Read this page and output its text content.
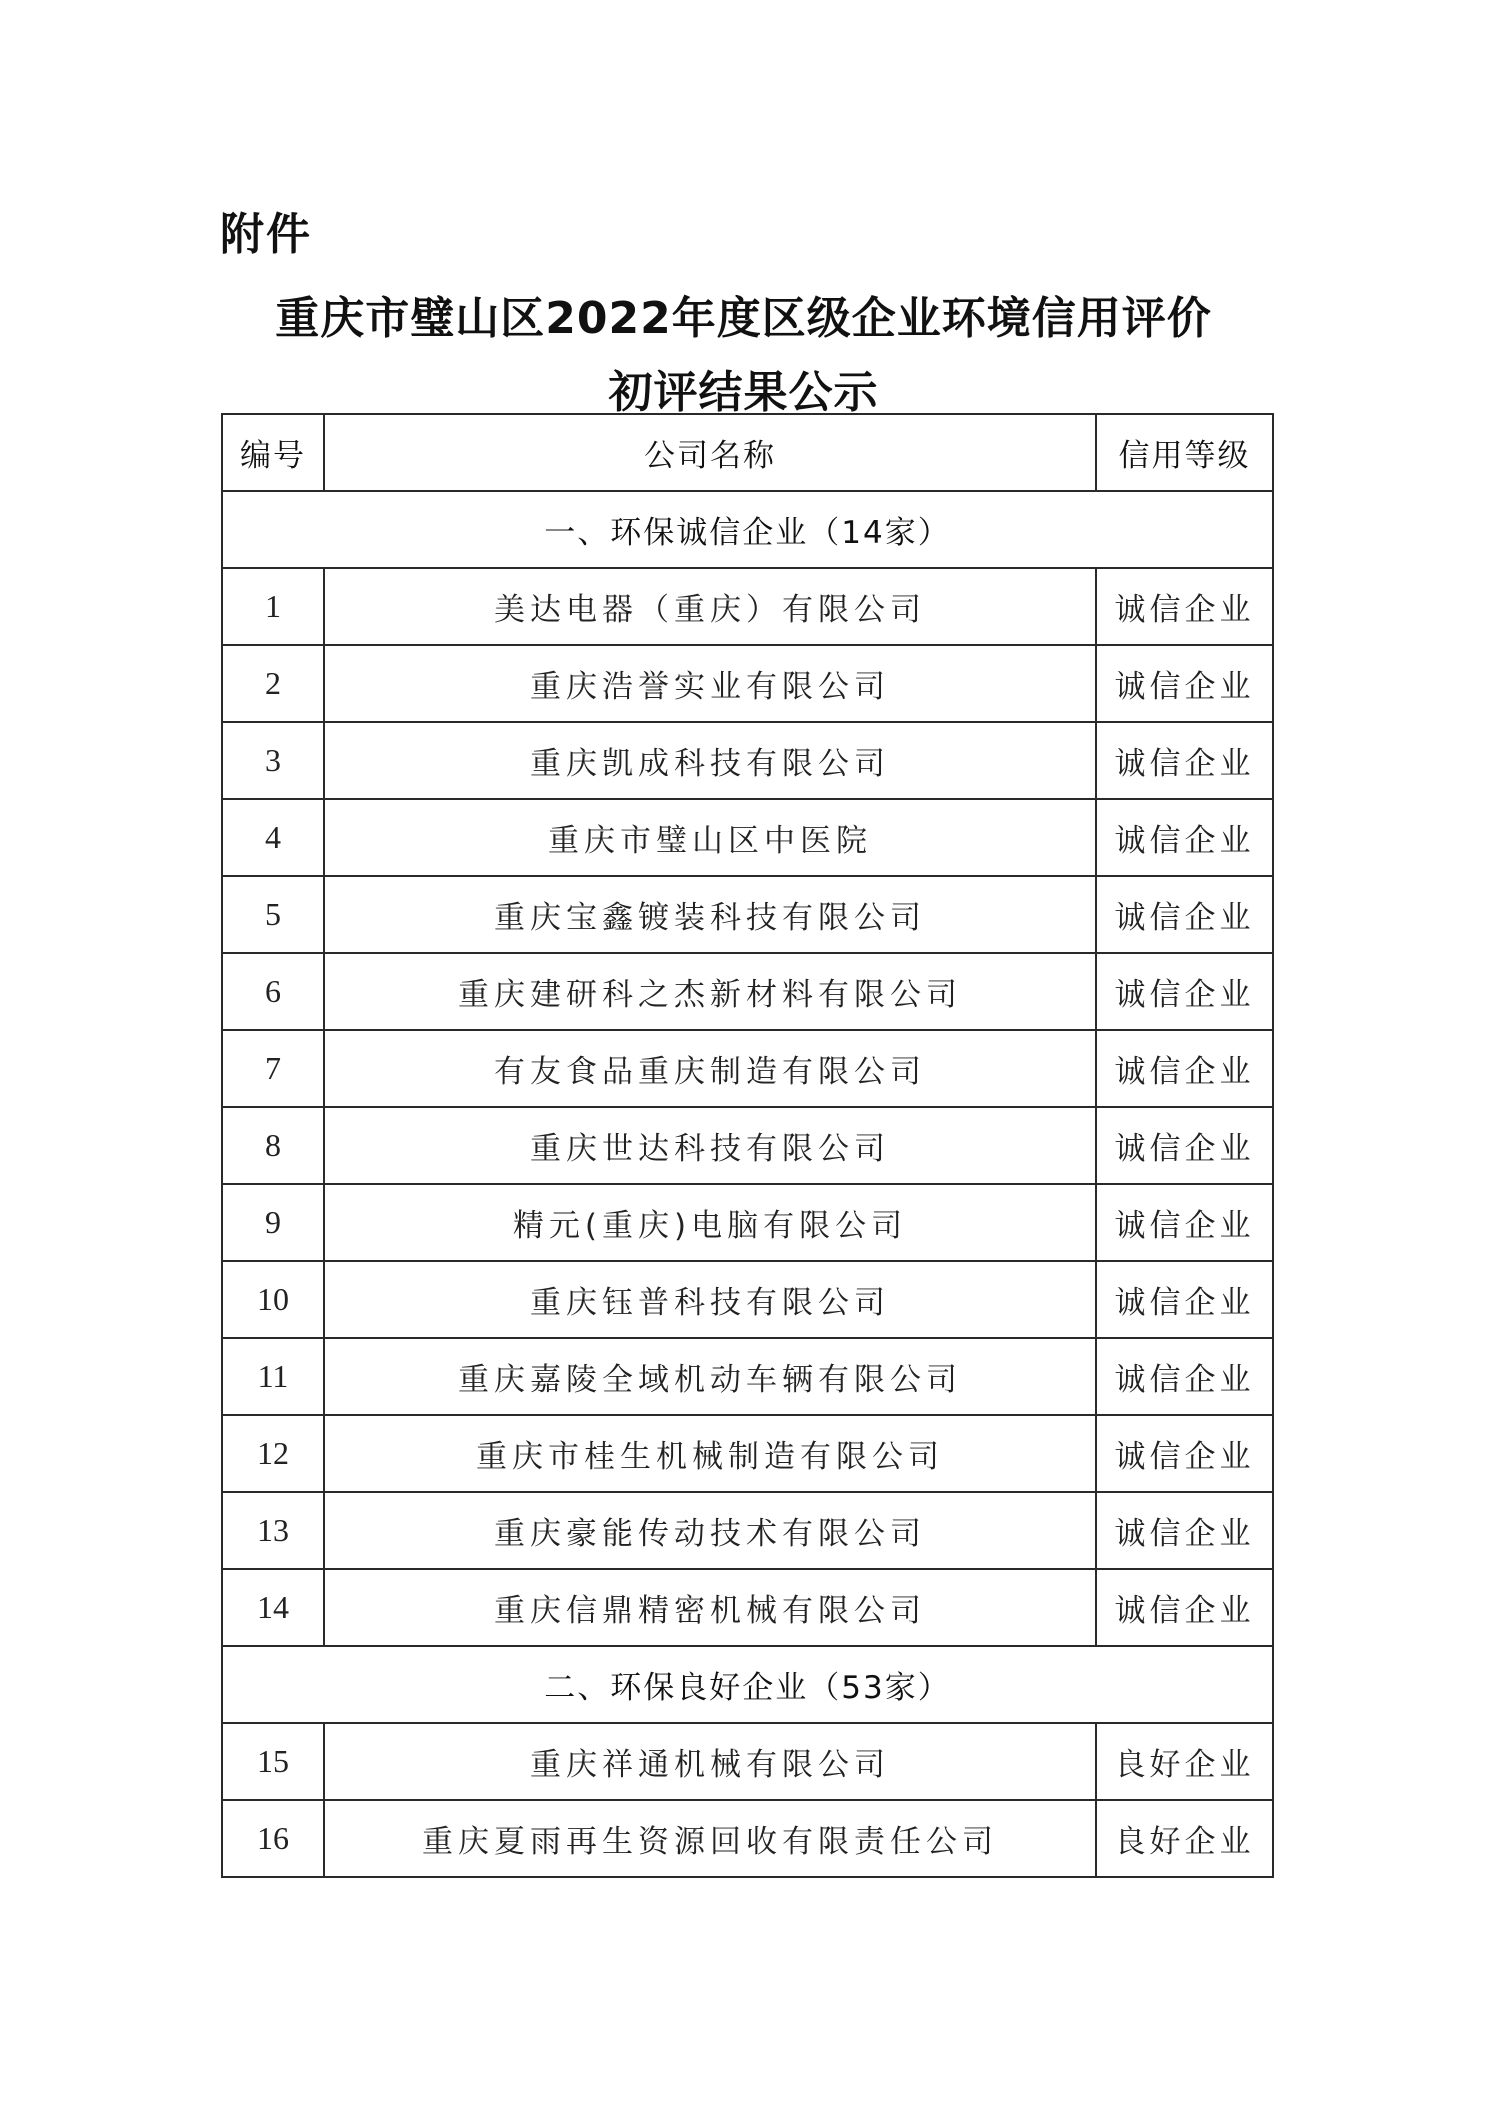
附件
重庆市璧山区2022年度区级企业环境信用评价
初评结果公示
编号	公司名称	信用等级
一、环保诚信企业（14家）		
1	美达电器（重庆）有限公司	诚信企业
2	重庆浩誉实业有限公司	诚信企业
3	重庆凯成科技有限公司	诚信企业
4	重庆市璧山区中医院	诚信企业
5	重庆宝鑫镀装科技有限公司	诚信企业
6	重庆建研科之杰新材料有限公司	诚信企业
7	有友食品重庆制造有限公司	诚信企业
8	重庆世达科技有限公司	诚信企业
9	精元(重庆)电脑有限公司	诚信企业
10	重庆钰普科技有限公司	诚信企业
11	重庆嘉陵全域机动车辆有限公司	诚信企业
12	重庆市桂生机械制造有限公司	诚信企业
13	重庆豪能传动技术有限公司	诚信企业
14	重庆信鼎精密机械有限公司	诚信企业
二、环保良好企业（53家）		
15	重庆祥通机械有限公司	良好企业
16	重庆夏雨再生资源回收有限责任公司	良好企业
